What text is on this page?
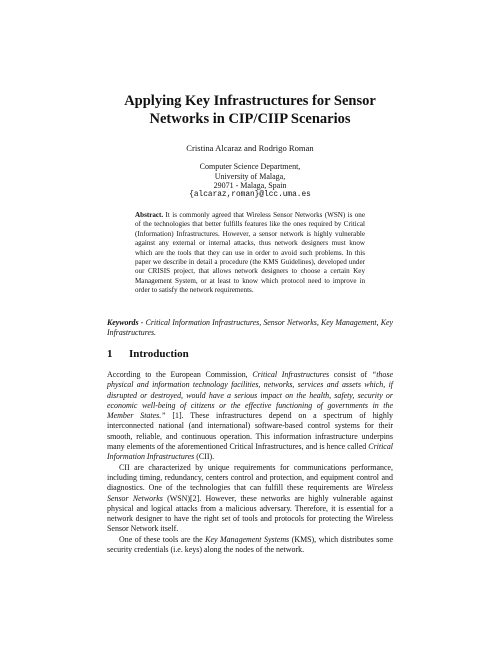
Applying Key Infrastructures for Sensor
Networks in CIP/CIIP Scenarios
Cristina Alcaraz and Rodrigo Roman
Computer Science Department,
University of Malaga,
29071 - Malaga, Spain
{alcaraz,roman}@lcc.uma.es
Abstract. It is commonly agreed that Wireless Sensor Networks (WSN) is one of the technologies that better fulfills features like the ones required by Critical (Information) Infrastructures. However, a sensor network is highly vulnerable against any external or internal attacks, thus network designers must know which are the tools that they can use in order to avoid such problems. In this paper we describe in detail a procedure (the KMS Guidelines), developed under our CRISIS project, that allows network designers to choose a certain Key Management System, or at least to know which protocol need to improve in order to satisfy the network requirements.
Keywords - Critical Information Infrastructures, Sensor Networks, Key Management, Key Infrastructures.
1 Introduction

According to the European Commission, Critical Infrastructures consist of “those physical and information technology facilities, networks, services and assets which, if disrupted or destroyed, would have a serious impact on the health, safety, security or economic well-being of citizens or the effective functioning of governments in the Member States.” [1]. These infrastructures depend on a spectrum of highly interconnected national (and international) software-based control systems for their smooth, reliable, and continuous operation. This information infrastructure underpins many elements of the aforementioned Critical Infrastructures, and is hence called Critical Information Infrastructures (CII).

CII are characterized by unique requirements for communications performance, including timing, redundancy, centers control and protection, and equipment control and diagnostics. One of the technologies that can fulfill these requirements are Wireless Sensor Networks (WSN)[2]. However, these networks are highly vulnerable against physical and logical attacks from a malicious adversary. Therefore, it is essential for a network designer to have the right set of tools and protocols for protecting the Wireless Sensor Network itself.

One of these tools are the Key Management Systems (KMS), which distributes some security credentials (i.e. keys) along the nodes of the network.
